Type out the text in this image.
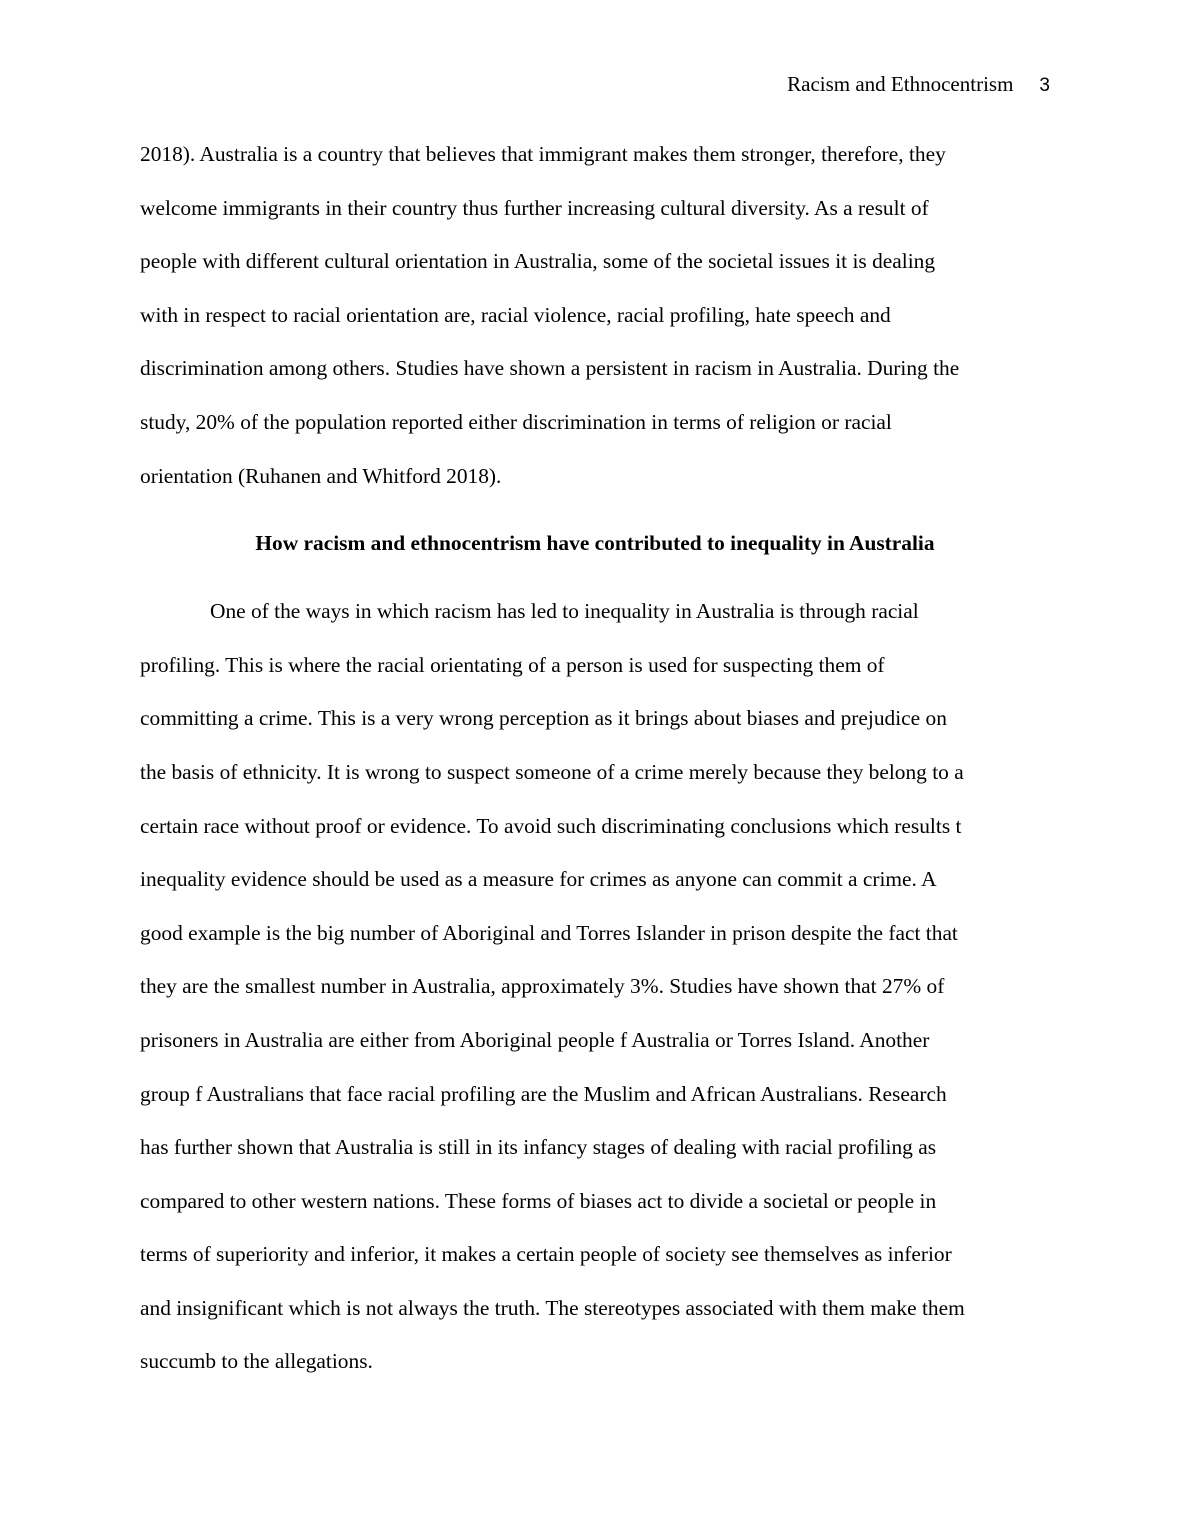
Racism and Ethnocentrism 3
2018). Australia is a country that believes that immigrant makes them stronger, therefore, they
welcome immigrants in their country thus further increasing cultural diversity. As a result of
people with different cultural orientation in Australia, some of the societal issues it is dealing
with in respect to racial orientation are, racial violence, racial profiling, hate speech and
discrimination among others. Studies have shown a persistent in racism in Australia. During the
study, 20% of the population reported either discrimination in terms of religion or racial
orientation (Ruhanen and Whitford 2018).
How racism and ethnocentrism have contributed to inequality in Australia
One of the ways in which racism has led to inequality in Australia is through racial
profiling. This is where the racial orientating of a person is used for suspecting them of
committing a crime. This is a very wrong perception as it brings about biases and prejudice on
the basis of ethnicity. It is wrong to suspect someone of a crime merely because they belong to a
certain race without proof or evidence. To avoid such discriminating conclusions which results t
inequality evidence should be used as a measure for crimes as anyone can commit a crime. A
good example is the big number of Aboriginal and Torres Islander in prison despite the fact that
they are the smallest number in Australia, approximately 3%. Studies have shown that 27% of
prisoners in Australia are either from Aboriginal people f Australia or Torres Island. Another
group f Australians that face racial profiling are the Muslim and African Australians. Research
has further shown that Australia is still in its infancy stages of dealing with racial profiling as
compared to other western nations. These forms of biases act to divide a societal or people in
terms of superiority and inferior, it makes a certain people of society see themselves as inferior
and insignificant which is not always the truth. The stereotypes associated with them make them
succumb to the allegations.
